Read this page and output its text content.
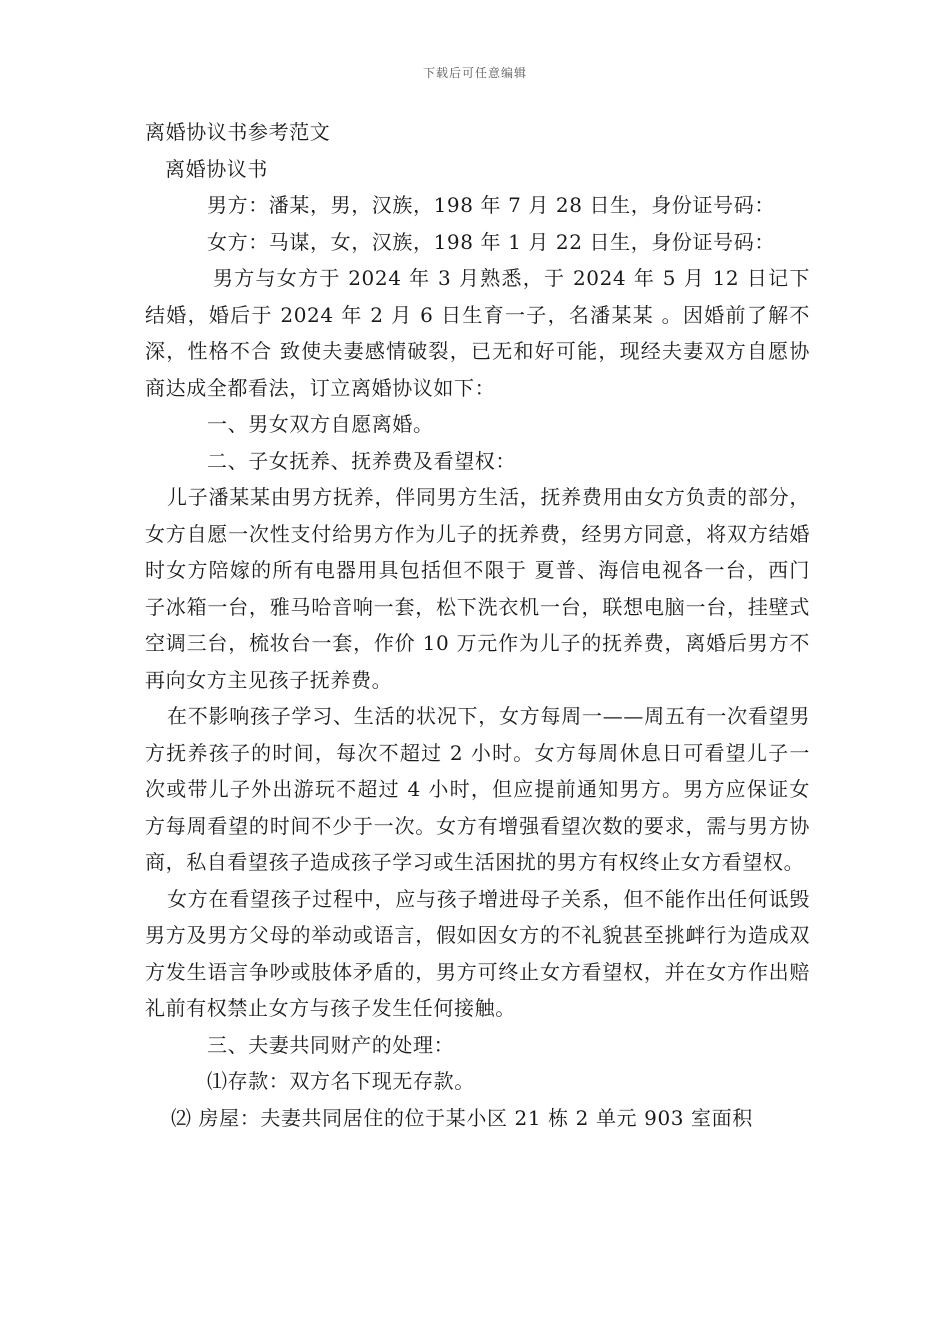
下载后可任意编辑
离婚协议书参考范文
离婚协议书
男方：潘某，男，汉族，198 年 7 月 28 日生，身份证号码：
女方：马谋，女，汉族，198 年 1 月 22 日生，身份证号码：

男方与女方于 2024 年 3 月熟悉，于 2024 年 5 月 12 日记下结婚，婚后于 2024 年 2 月 6 日生育一子，名潘某某 。因婚前了解不深，性格不合 致使夫妻感情破裂，已无和好可能，现经夫妻双方自愿协商达成全都看法，订立离婚协议如下：

一、男女双方自愿离婚。
二、子女抚养、抚养费及看望权：

儿子潘某某由男方抚养，伴同男方生活，抚养费用由女方负责的部分，女方自愿一次性支付给男方作为儿子的抚养费，经男方同意，将双方结婚时女方陪嫁的所有电器用具包括但不限于 夏普、海信电视各一台，西门子冰箱一台，雅马哈音响一套，松下洗衣机一台，联想电脑一台，挂壁式空调三台，梳妆台一套，作价 10 万元作为儿子的抚养费，离婚后男方不再向女方主见孩子抚养费。

在不影响孩子学习、生活的状况下，女方每周一——周五有一次看望男方抚养孩子的时间，每次不超过 2 小时。女方每周休息日可看望儿子一次或带儿子外出游玩不超过 4 小时，但应提前通知男方。男方应保证女方每周看望的时间不少于一次。女方有增强看望次数的要求，需与男方协商，私自看望孩子造成孩子学习或生活困扰的男方有权终止女方看望权。

女方在看望孩子过程中，应与孩子增进母子关系，但不能作出任何诋毁男方及男方父母的举动或语言，假如因女方的不礼貌甚至挑衅行为造成双方发生语言争吵或肢体矛盾的，男方可终止女方看望权，并在女方作出赔礼前有权禁止女方与孩子发生任何接触。

三、夫妻共同财产的处理：
⑴存款：双方名下现无存款。
⑵ 房屋：夫妻共同居住的位于某小区 21 栋 2 单元 903 室面积
